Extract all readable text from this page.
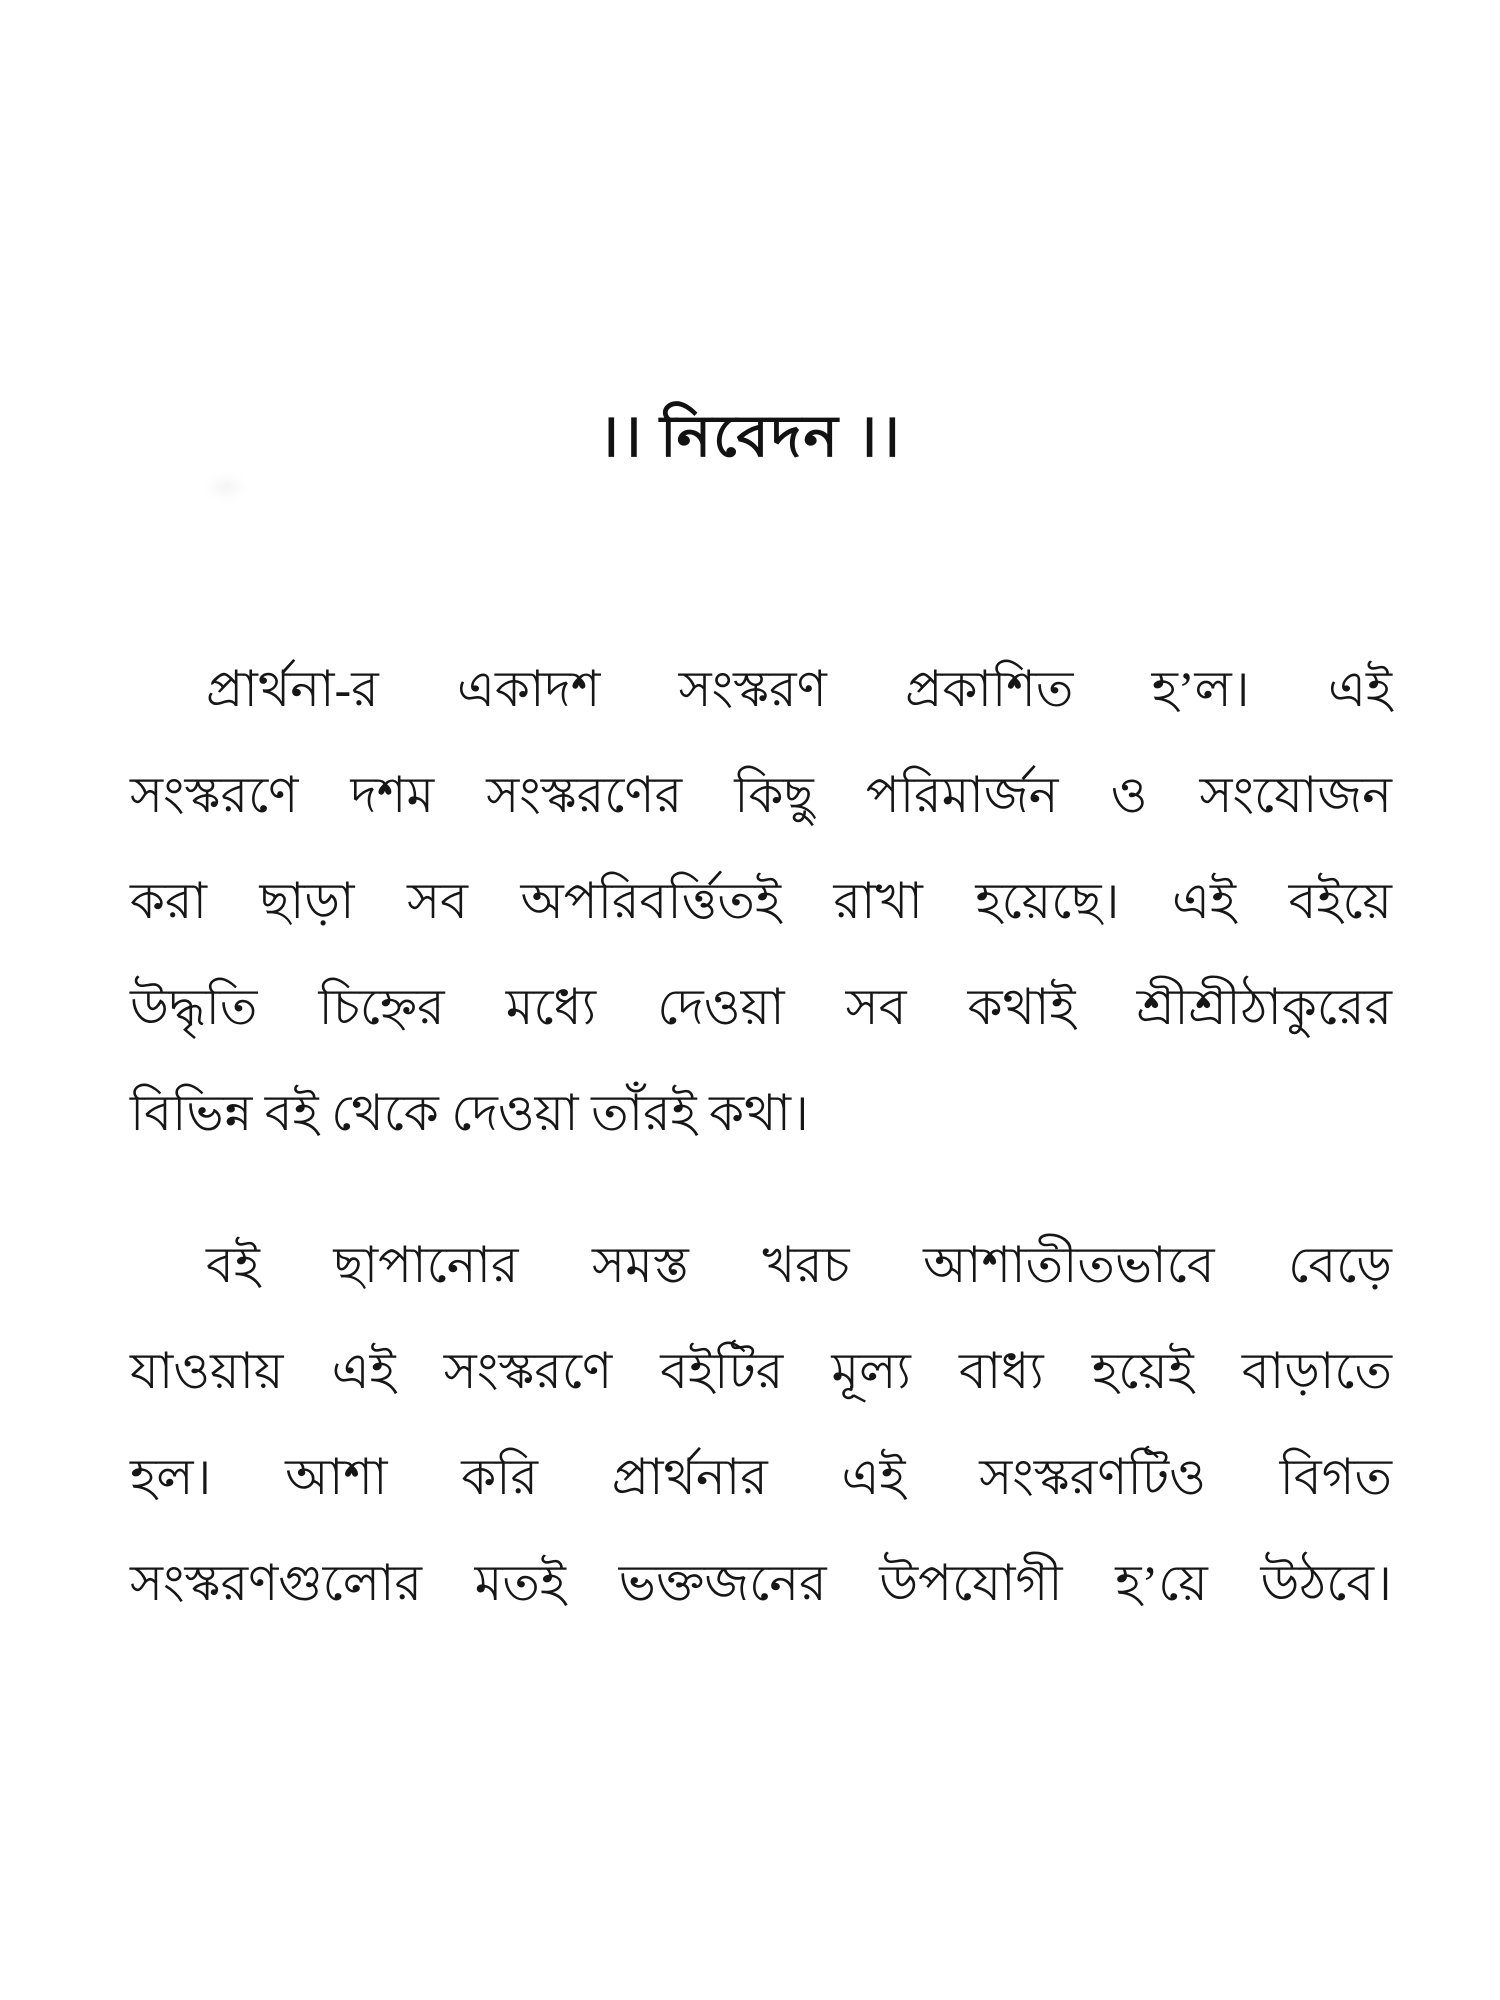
।। নিবেদন ।।
প্রার্থনা-র একাদশ সংস্করণ প্রকাশিত হ’ল। এই
সংস্করণে দশম সংস্করণের কিছু পরিমার্জন ও সংযোজন
করা ছাড়া সব অপরিবর্ত্তিতই রাখা হয়েছে। এই বইয়ে
উদ্ধৃতি চিহ্নের মধ্যে দেওয়া সব কথাই শ্রীশ্রীঠাকুরের
বিভিন্ন বই থেকে দেওয়া তাঁরই কথা।
বই ছাপানোর সমস্ত খরচ আশাতীতভাবে বেড়ে
যাওয়ায় এই সংস্করণে বইটির মূল্য বাধ্য হয়েই বাড়াতে
হল। আশা করি প্রার্থনার এই সংস্করণটিও বিগত
সংস্করণগুলোর মতই ভক্তজনের উপযোগী হ’য়ে উঠবে।
